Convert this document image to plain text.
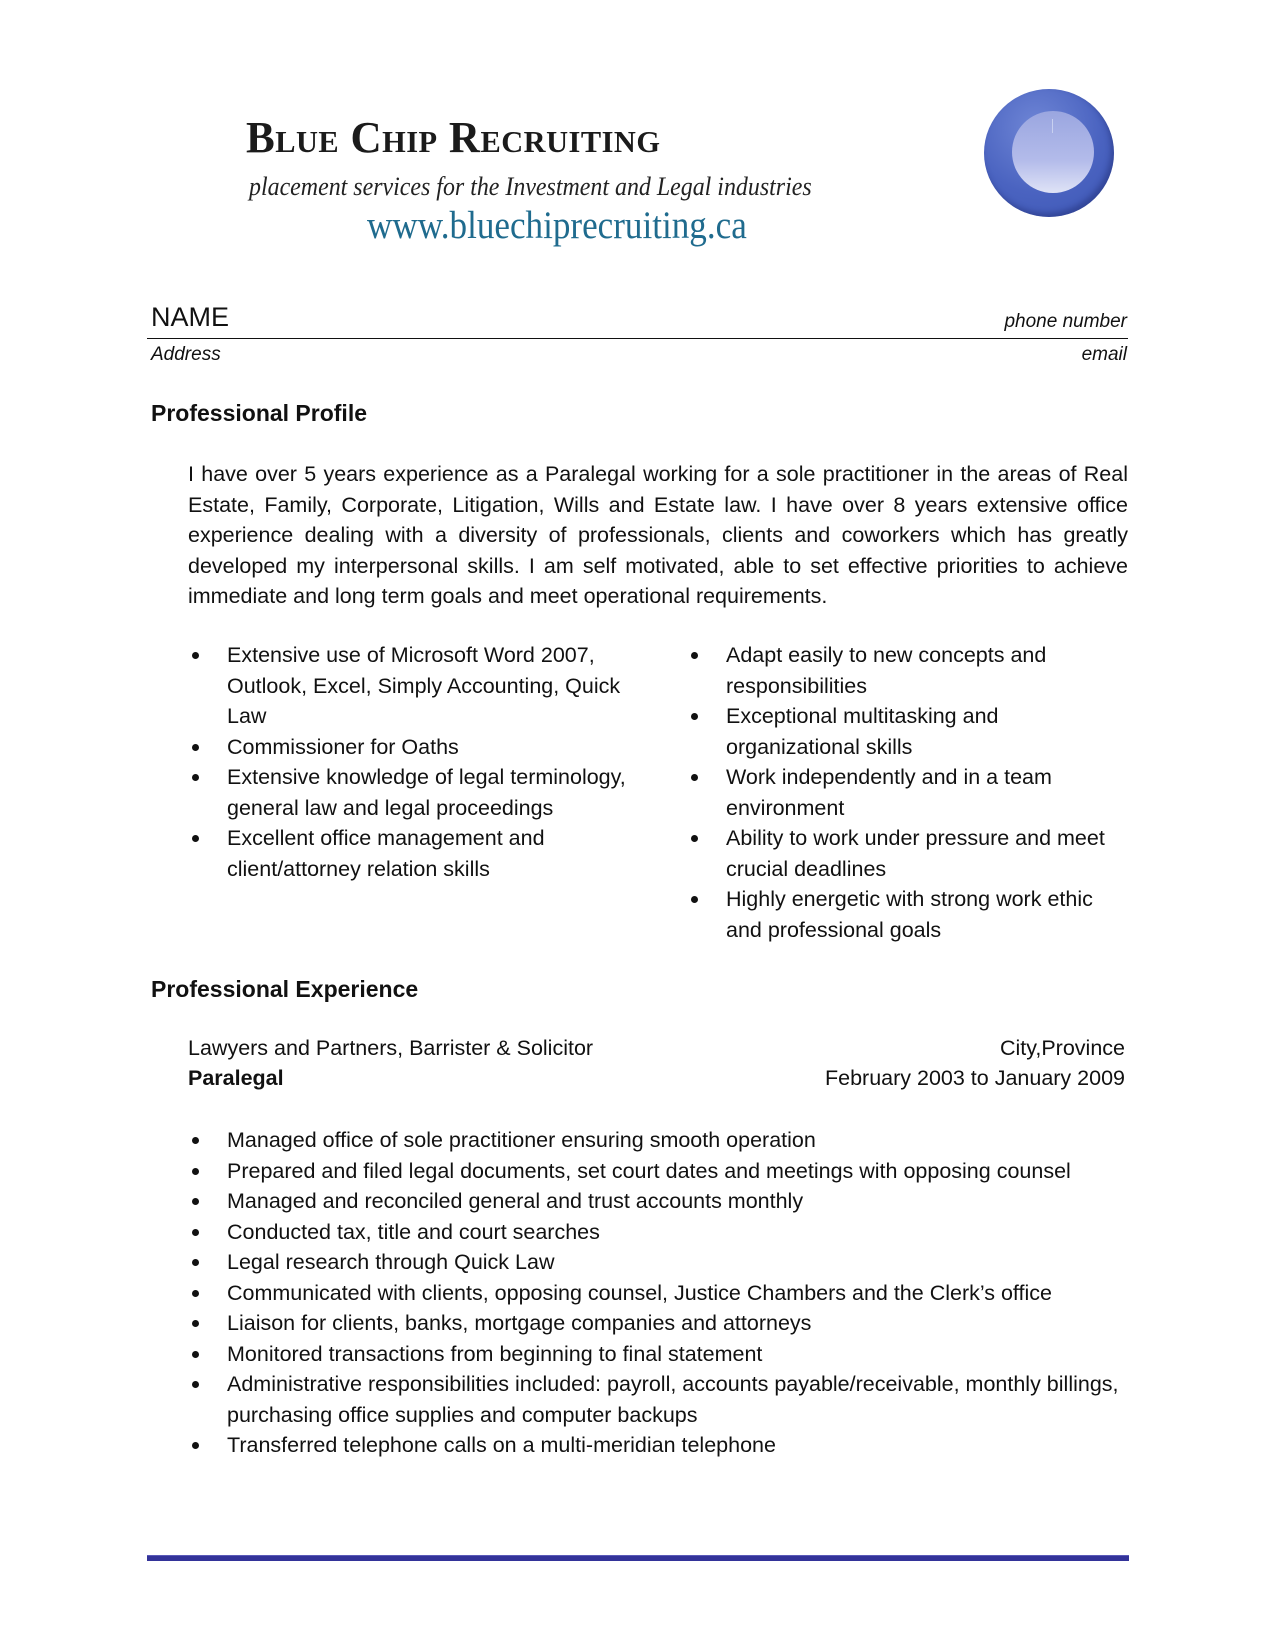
Blue Chip Recruiting
placement services for the Investment and Legal industries
www.bluechiprecruiting.ca
NAME	phone number
Address	email
Professional Profile
I have over 5 years experience as a Paralegal working for a sole practitioner in the areas of Real Estate, Family, Corporate, Litigation, Wills and Estate law. I have over 8 years extensive office experience dealing with a diversity of professionals, clients and coworkers which has greatly developed my interpersonal skills. I am self motivated, able to set effective priorities to achieve immediate and long term goals and meet operational requirements.
Extensive use of Microsoft Word 2007, Outlook, Excel, Simply Accounting, Quick Law
Commissioner for Oaths
Extensive knowledge of legal terminology, general law and legal proceedings
Excellent office management and client/attorney relation skills
Adapt easily to new concepts and responsibilities
Exceptional multitasking and organizational skills
Work independently and in a team environment
Ability to work under pressure and meet crucial deadlines
Highly energetic with strong work ethic and professional goals
Professional Experience
Lawyers and Partners, Barrister & Solicitor	City,Province
Paralegal	February 2003 to January 2009
Managed office of sole practitioner ensuring smooth operation
Prepared and filed legal documents, set court dates and meetings with opposing counsel
Managed and reconciled general and trust accounts monthly
Conducted tax, title and court searches
Legal research through Quick Law
Communicated with clients, opposing counsel, Justice Chambers and the Clerk’s office
Liaison for clients, banks, mortgage companies and attorneys
Monitored transactions from beginning to final statement
Administrative responsibilities included: payroll, accounts payable/receivable, monthly billings, purchasing office supplies and computer backups
Transferred telephone calls on a multi-meridian telephone
